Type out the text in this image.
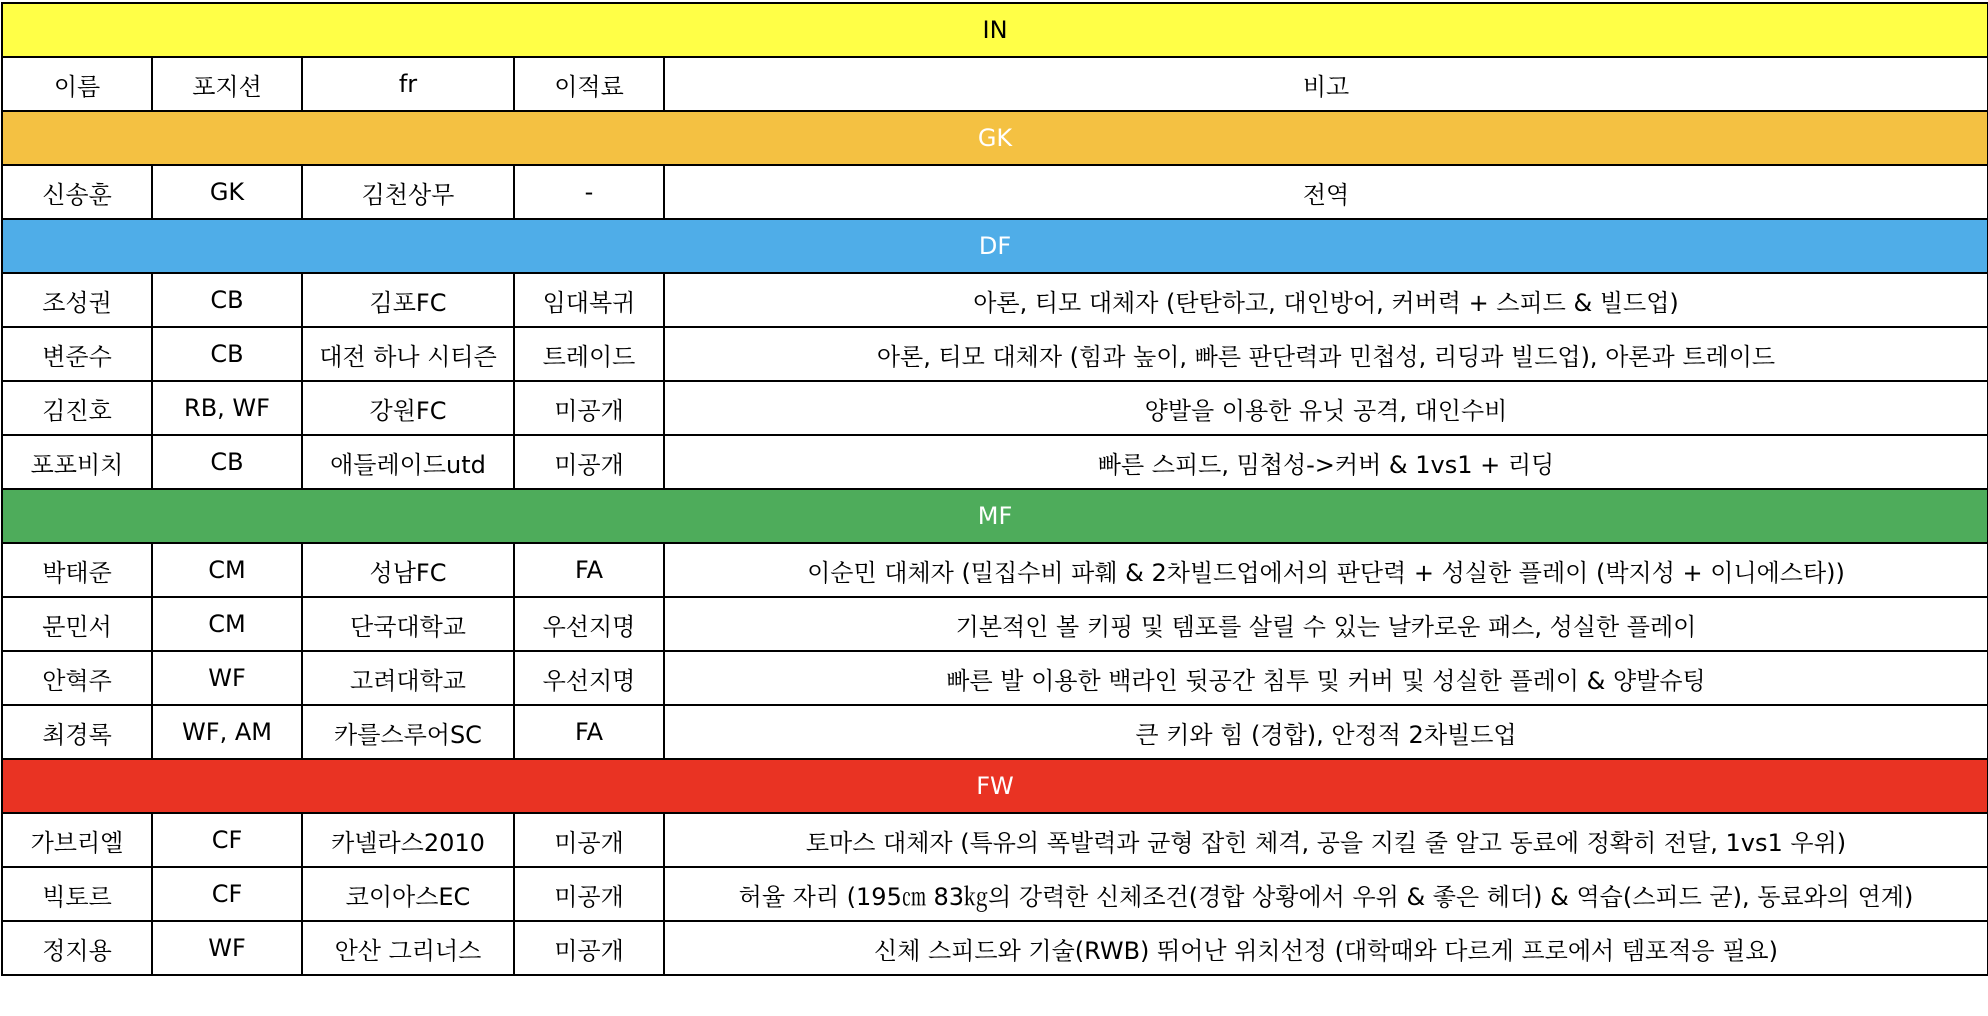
IN				
이름	포지션	fr	이적료	비고
GK				
신송훈	GK	김천상무	-	전역
DF				
조성권	CB	김포FC	임대복귀	아론, 티모 대체자 (탄탄하고, 대인방어, 커버력 + 스피드 & 빌드업)
변준수	CB	대전 하나 시티즌	트레이드	아론, 티모 대체자 (힘과 높이, 빠른 판단력과 민첩성, 리딩과 빌드업), 아론과 트레이드
김진호	RB, WF	강원FC	미공개	양발을 이용한 유닛 공격, 대인수비
포포비치	CB	애들레이드utd	미공개	빠른 스피드, 밈첩성->커버 & 1vs1 + 리딩
MF				
박태준	CM	성남FC	FA	이순민 대체자 (밀집수비 파훼 & 2차빌드업에서의 판단력 + 성실한 플레이 (박지성 + 이니에스타))
문민서	CM	단국대학교	우선지명	기본적인 볼 키핑 및 템포를 살릴 수 있는 날카로운 패스, 성실한 플레이
안혁주	WF	고려대학교	우선지명	빠른 발 이용한 백라인 뒷공간 침투 및 커버 및 성실한 플레이 & 양발슈팅
최경록	WF, AM	카를스루어SC	FA	큰 키와 힘 (경합), 안정적 2차빌드업
FW				
가브리엘	CF	카넬라스2010	미공개	토마스 대체자 (특유의 폭발력과 균형 잡힌 체격, 공을 지킬 줄 알고 동료에 정확히 전달, 1vs1 우위)
빅토르	CF	코이아스EC	미공개	허율 자리 (195㎝ 83㎏의 강력한 신체조건(경합 상황에서 우위 & 좋은 헤더) & 역습(스피드 굳), 동료와의 연계)
정지용	WF	안산 그리너스	미공개	신체 스피드와 기술(RWB) 뛰어난 위치선정 (대학때와 다르게 프로에서 템포적응 필요)
